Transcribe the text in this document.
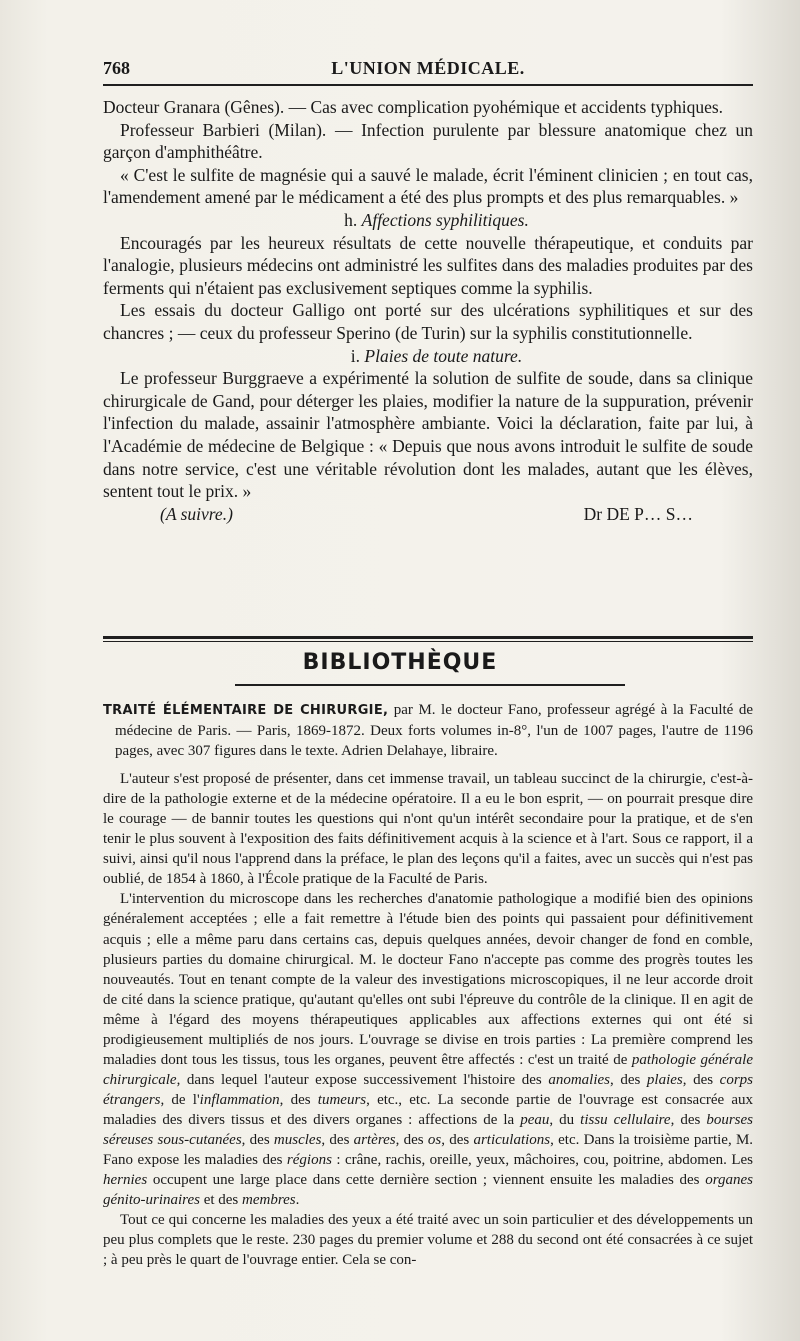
768	L'UNION MÉDICALE.

Docteur Granara (Gênes). — Cas avec complication pyohémique et accidents typhiques.

Professeur Barbieri (Milan). — Infection purulente par blessure anatomique chez un garçon d'amphithéâtre.

« C'est le sulfite de magnésie qui a sauvé le malade, écrit l'éminent clinicien ; en tout cas, l'amendement amené par le médicament a été des plus prompts et des plus remarquables. »

h. Affections syphilitiques.

Encouragés par les heureux résultats de cette nouvelle thérapeutique, et conduits par l'analogie, plusieurs médecins ont administré les sulfites dans des maladies produites par des ferments qui n'étaient pas exclusivement septiques comme la syphilis.

Les essais du docteur Galligo ont porté sur des ulcérations syphilitiques et sur des chancres ; — ceux du professeur Sperino (de Turin) sur la syphilis constitutionnelle.

i. Plaies de toute nature.

Le professeur Burggraeve a expérimenté la solution de sulfite de soude, dans sa clinique chirurgicale de Gand, pour déterger les plaies, modifier la nature de la suppuration, prévenir l'infection du malade, assainir l'atmosphère ambiante. Voici la déclaration, faite par lui, à l'Académie de médecine de Belgique : « Depuis que nous avons introduit le sulfite de soude dans notre service, c'est une véritable révolution dont les malades, autant que les élèves, sentent tout le prix. »

(A suivre.)	Dr DE P… S…

BIBLIOTHÈQUE

TRAITÉ ÉLÉMENTAIRE DE CHIRURGIE, par M. le docteur Fano, professeur agrégé à la Faculté de médecine de Paris. — Paris, 1869-1872. Deux forts volumes in-8°, l'un de 1007 pages, l'autre de 1196 pages, avec 307 figures dans le texte. Adrien Delahaye, libraire.

L'auteur s'est proposé de présenter, dans cet immense travail, un tableau succinct de la chirurgie, c'est-à-dire de la pathologie externe et de la médecine opératoire. Il a eu le bon esprit, — on pourrait presque dire le courage — de bannir toutes les questions qui n'ont qu'un intérêt secondaire pour la pratique, et de s'en tenir le plus souvent à l'exposition des faits définitivement acquis à la science et à l'art. Sous ce rapport, il a suivi, ainsi qu'il nous l'apprend dans la préface, le plan des leçons qu'il a faites, avec un succès qui n'est pas oublié, de 1854 à 1860, à l'École pratique de la Faculté de Paris.

L'intervention du microscope dans les recherches d'anatomie pathologique a modifié bien des opinions généralement acceptées ; elle a fait remettre à l'étude bien des points qui passaient pour définitivement acquis ; elle a même paru dans certains cas, depuis quelques années, devoir changer de fond en comble, plusieurs parties du domaine chirurgical. M. le docteur Fano n'accepte pas comme des progrès toutes les nouveautés. Tout en tenant compte de la valeur des investigations microscopiques, il ne leur accorde droit de cité dans la science pratique, qu'autant qu'elles ont subi l'épreuve du contrôle de la clinique. Il en agit de même à l'égard des moyens thérapeutiques applicables aux affections externes qui ont été si prodigieusement multipliés de nos jours. L'ouvrage se divise en trois parties : La première comprend les maladies dont tous les tissus, tous les organes, peuvent être affectés : c'est un traité de pathologie générale chirurgicale, dans lequel l'auteur expose successivement l'histoire des anomalies, des plaies, des corps étrangers, de l'inflammation, des tumeurs, etc., etc. La seconde partie de l'ouvrage est consacrée aux maladies des divers tissus et des divers organes : affections de la peau, du tissu cellulaire, des bourses séreuses sous-cutanées, des muscles, des artères, des os, des articulations, etc. Dans la troisième partie, M. Fano expose les maladies des régions : crâne, rachis, oreille, yeux, mâchoires, cou, poitrine, abdomen. Les hernies occupent une large place dans cette dernière section ; viennent ensuite les maladies des organes génito-urinaires et des membres.

Tout ce qui concerne les maladies des yeux a été traité avec un soin particulier et des développements un peu plus complets que le reste. 230 pages du premier volume et 288 du second ont été consacrées à ce sujet ; à peu près le quart de l'ouvrage entier. Cela se con-
